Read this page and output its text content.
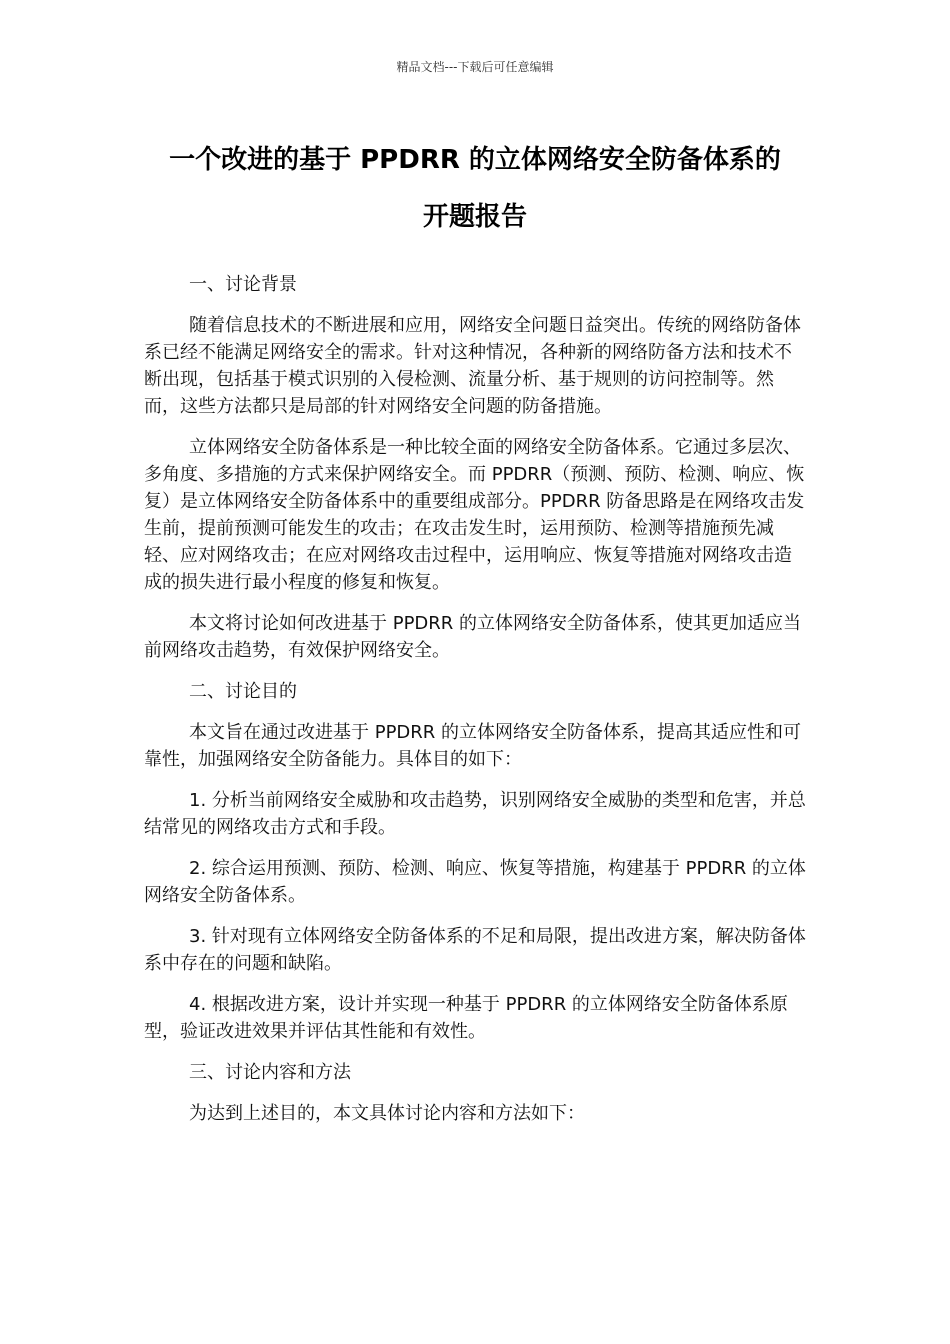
精品文档---下载后可任意编辑
一个改进的基于 PPDRR 的立体网络安全防备体系的
开题报告

一、讨论背景

随着信息技术的不断进展和应用，网络安全问题日益突出。传统的网络防备体系已经不能满足网络安全的需求。针对这种情况，各种新的网络防备方法和技术不断出现，包括基于模式识别的入侵检测、流量分析、基于规则的访问控制等。然而，这些方法都只是局部的针对网络安全问题的防备措施。

立体网络安全防备体系是一种比较全面的网络安全防备体系。它通过多层次、多角度、多措施的方式来保护网络安全。而 PPDRR（预测、预防、检测、响应、恢复）是立体网络安全防备体系中的重要组成部分。PPDRR 防备思路是在网络攻击发生前，提前预测可能发生的攻击；在攻击发生时，运用预防、检测等措施预先减轻、应对网络攻击；在应对网络攻击过程中，运用响应、恢复等措施对网络攻击造成的损失进行最小程度的修复和恢复。

本文将讨论如何改进基于 PPDRR 的立体网络安全防备体系，使其更加适应当前网络攻击趋势，有效保护网络安全。

二、讨论目的

本文旨在通过改进基于 PPDRR 的立体网络安全防备体系，提高其适应性和可靠性，加强网络安全防备能力。具体目的如下：

1. 分析当前网络安全威胁和攻击趋势，识别网络安全威胁的类型和危害，并总结常见的网络攻击方式和手段。

2. 综合运用预测、预防、检测、响应、恢复等措施，构建基于 PPDRR 的立体网络安全防备体系。

3. 针对现有立体网络安全防备体系的不足和局限，提出改进方案，解决防备体系中存在的问题和缺陷。

4. 根据改进方案，设计并实现一种基于 PPDRR 的立体网络安全防备体系原型，验证改进效果并评估其性能和有效性。

三、讨论内容和方法

为达到上述目的，本文具体讨论内容和方法如下：
